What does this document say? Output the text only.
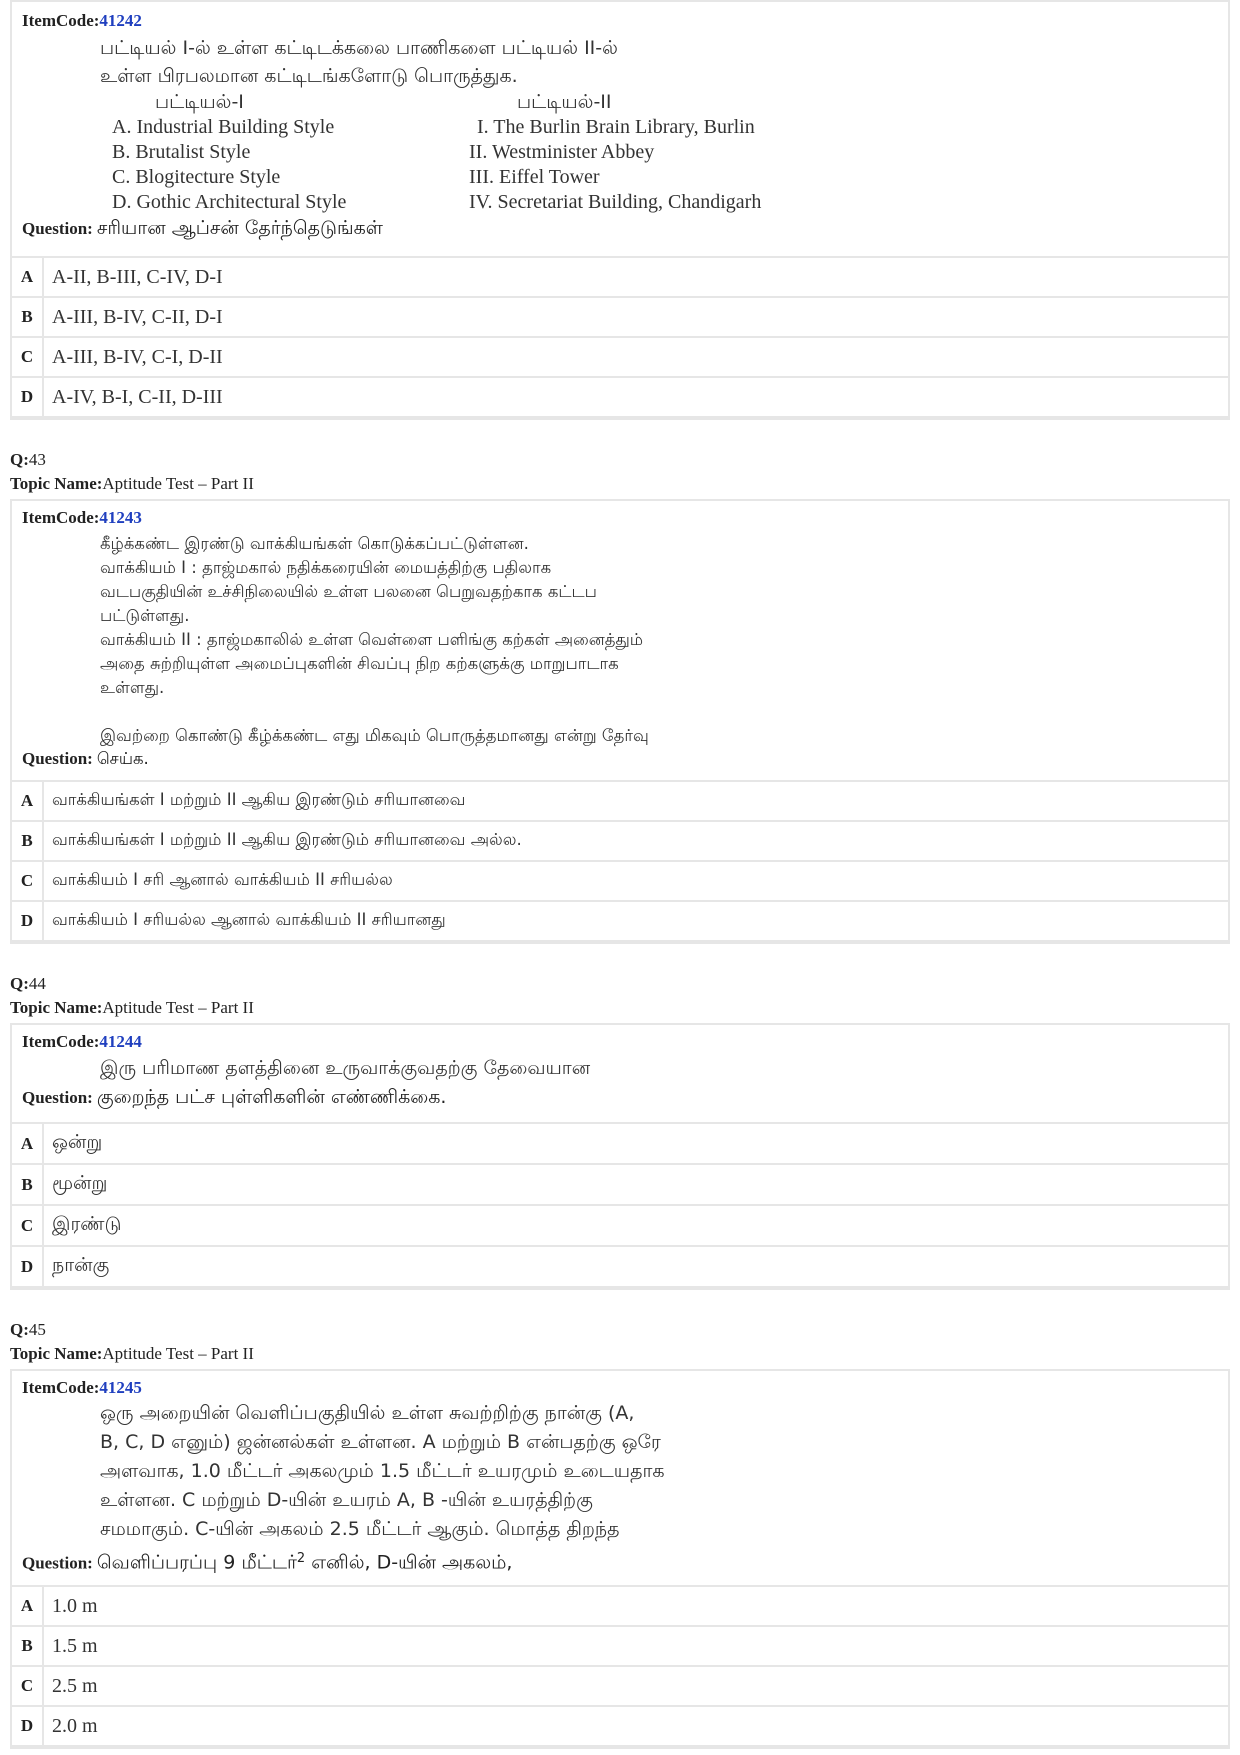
ItemCode:41242
பட்டியல் I-ல் உள்ள கட்டிடக்கலை பாணிகளை பட்டியல் II-ல்
உள்ள பிரபலமான கட்டிடங்களோடு பொருத்துக.
பட்டியல்-I	பட்டியல்-II
A. Industrial Building Style	I. The Burlin Brain Library, Burlin
B. Brutalist Style	II. Westminister Abbey
C. Blogitecture Style	III. Eiffel Tower
D. Gothic Architectural Style	IV. Secretariat Building, Chandigarh
Question: சரியான ஆப்சன் தேர்ந்தெடுங்கள்
A A-II, B-III, C-IV, D-I
B A-III, B-IV, C-II, D-I
C A-III, B-IV, C-I, D-II
D A-IV, B-I, C-II, D-III
Q:43
Topic Name:Aptitude Test – Part II
ItemCode:41243
கீழ்க்கண்ட இரண்டு வாக்கியங்கள் கொடுக்கப்பட்டுள்ளன.
வாக்கியம் I : தாஜ்மகால் நதிக்கரையின் மையத்திற்கு பதிலாக
வடபகுதியின் உச்சிநிலையில் உள்ள பலனை பெறுவதற்காக கட்டப
பட்டுள்ளது.
வாக்கியம் II : தாஜ்மகாலில் உள்ள வெள்ளை பளிங்கு கற்கள் அனைத்தும்
அதை சுற்றியுள்ள அமைப்புகளின் சிவப்பு நிற கற்களுக்கு மாறுபாடாக
உள்ளது.
இவற்றை கொண்டு கீழ்க்கண்ட எது மிகவும் பொருத்தமானது என்று தேர்வு
Question: செய்க.
A	வாக்கியங்கள் I மற்றும் II ஆகிய இரண்டும் சரியானவை
B	வாக்கியங்கள் I மற்றும் II ஆகிய இரண்டும் சரியானவை அல்ல.
C	வாக்கியம் I சரி ஆனால் வாக்கியம் II சரியல்ல
D	வாக்கியம் I சரியல்ல ஆனால் வாக்கியம் II சரியானது
Q:44
Topic Name:Aptitude Test – Part II
ItemCode:41244
இரு பரிமாண தளத்தினை உருவாக்குவதற்கு தேவையான
Question: குறைந்த பட்ச புள்ளிகளின் எண்ணிக்கை.
A ஒன்று
B	மூன்று
C இரண்டு
D நான்கு
Q:45
Topic Name:Aptitude Test – Part II
ItemCode:41245
ஒரு அறையின் வெளிப்பகுதியில் உள்ள சுவற்றிற்கு நான்கு (A,
B, C, D எனும்) ஜன்னல்கள் உள்ளன. A மற்றும் B என்பதற்கு ஒரே
அளவாக, 1.0 மீட்டர் அகலமும் 1.5 மீட்டர் உயரமும் உடையதாக
உள்ளன. C மற்றும் D-யின் உயரம் A, B -யின் உயரத்திற்கு
சமமாகும். C-யின் அகலம் 2.5 மீட்டர் ஆகும். மொத்த திறந்த
Question: வெளிப்பரப்பு 9 மீட்டர்$^2$ எனில், D-யின் அகலம்,
A 1.0 m
B 1.5 m
C 2.5 m
D 2.0 m
